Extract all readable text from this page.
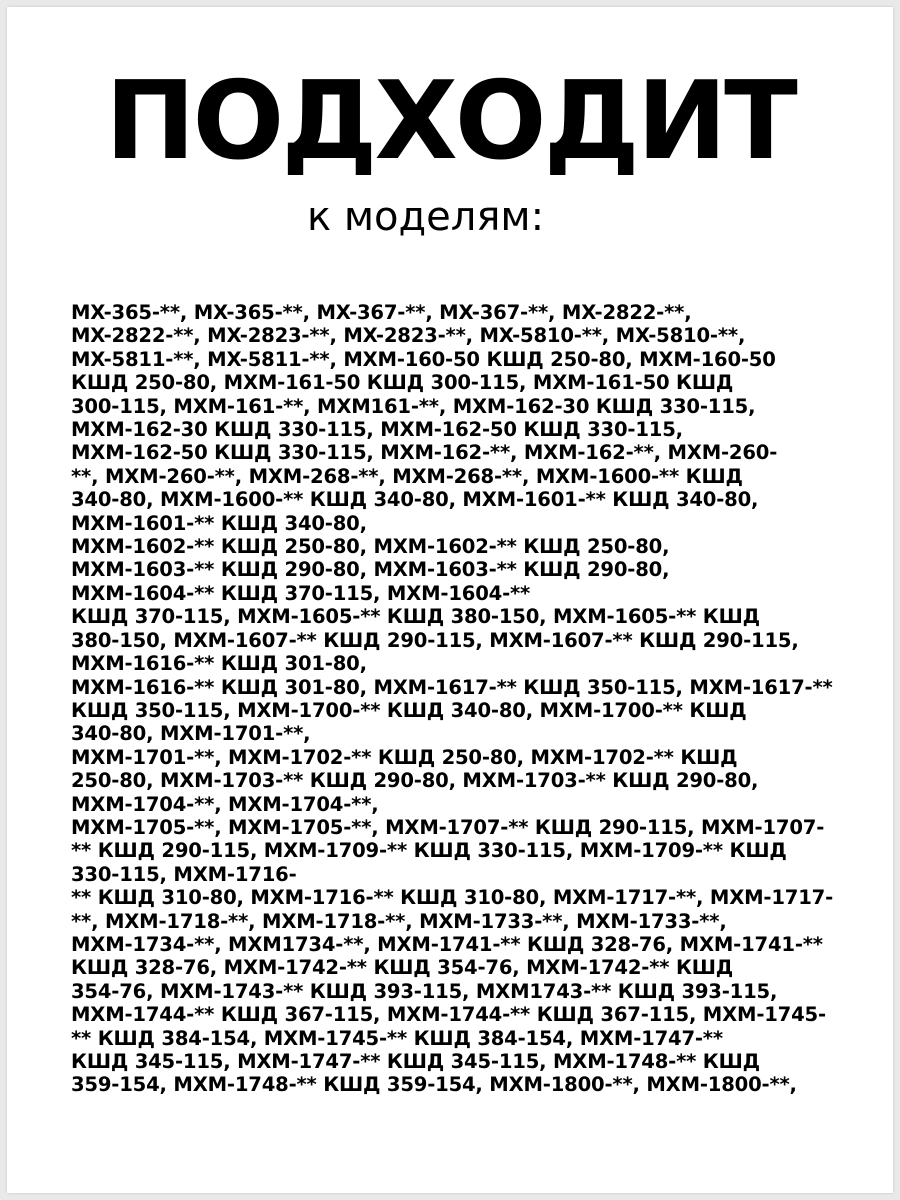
ПОДХОДИТ
к моделям:
MX-365-**, MX-365-**, MX-367-**, MX-367-**, MX-2822-**,
MX-2822-**, MX-2823-**, MX-2823-**, MX-5810-**, MX-5810-**,
MX-5811-**, MX-5811-**, MXM-160-50 КШД 250-80, MXM-160-50
КШД 250-80, MXM-161-50 КШД 300-115, MXM-161-50 КШД
300-115, MXM-161-**, MXM161-**, MXM-162-30 КШД 330-115,
MXM-162-30 КШД 330-115, MXM-162-50 КШД 330-115,
MXM-162-50 КШД 330-115, MXM-162-**, MXM-162-**, MXM-260-
**, MXM-260-**, MXM-268-**, MXM-268-**, MXM-1600-** КШД
340-80, MXM-1600-** КШД 340-80, MXM-1601-** КШД 340-80,
MXM-1601-** КШД 340-80,
MXM-1602-** КШД 250-80, MXM-1602-** КШД 250-80,
MXM-1603-** КШД 290-80, MXM-1603-** КШД 290-80,
MXM-1604-** КШД 370-115, MXM-1604-**
КШД 370-115, MXM-1605-** КШД 380-150, MXM-1605-** КШД
380-150, MXM-1607-** КШД 290-115, MXM-1607-** КШД 290-115,
MXM-1616-** КШД 301-80,
MXM-1616-** КШД 301-80, MXM-1617-** КШД 350-115, MXM-1617-**
КШД 350-115, MXM-1700-** КШД 340-80, MXM-1700-** КШД
340-80, MXM-1701-**,
MXM-1701-**, MXM-1702-** КШД 250-80, MXM-1702-** КШД
250-80, MXM-1703-** КШД 290-80, MXM-1703-** КШД 290-80,
MXM-1704-**, MXM-1704-**,
MXM-1705-**, MXM-1705-**, MXM-1707-** КШД 290-115, MXM-1707-
** КШД 290-115, MXM-1709-** КШД 330-115, MXM-1709-** КШД
330-115, MXM-1716-
** КШД 310-80, MXM-1716-** КШД 310-80, MXM-1717-**, MXM-1717-
**, MXM-1718-**, MXM-1718-**, MXM-1733-**, MXM-1733-**,
MXM-1734-**, MXM1734-**, MXM-1741-** КШД 328-76, MXM-1741-**
КШД 328-76, MXM-1742-** КШД 354-76, MXM-1742-** КШД
354-76, MXM-1743-** КШД 393-115, MXM1743-** КШД 393-115,
MXM-1744-** КШД 367-115, MXM-1744-** КШД 367-115, MXM-1745-
** КШД 384-154, MXM-1745-** КШД 384-154, MXM-1747-**
КШД 345-115, MXM-1747-** КШД 345-115, MXM-1748-** КШД
359-154, MXM-1748-** КШД 359-154, MXM-1800-**, MXM-1800-**,
